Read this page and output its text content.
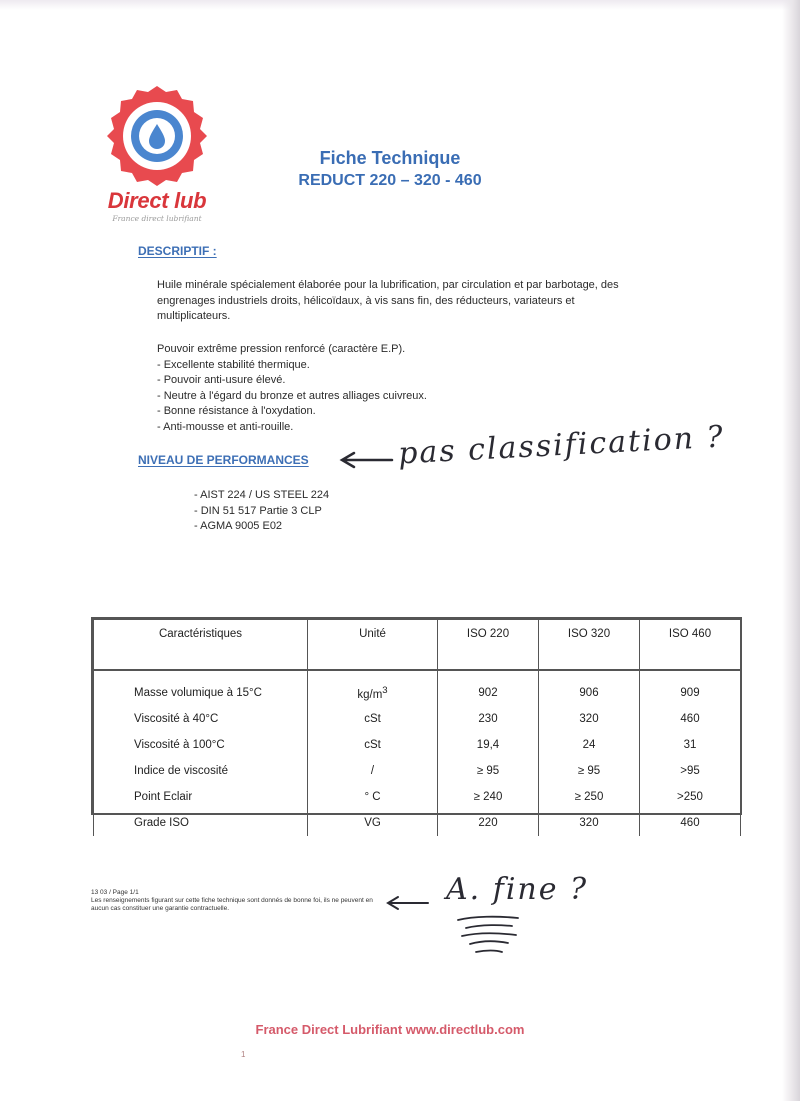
Direct lub
France direct lubrifiant
Fiche Technique
REDUCT 220 – 320 - 460
DESCRIPTIF :

Huile minérale spécialement élaborée pour la lubrification, par circulation et par barbotage, des engrenages industriels droits, hélicoïdaux, à vis sans fin, des réducteurs, variateurs et multiplicateurs.

Pouvoir extrême pression renforcé (caractère E.P).

- Excellente stabilité thermique.
- Pouvoir anti-usure élevé.
- Neutre à l'égard du bronze et autres alliages cuivreux.
- Bonne résistance à l'oxydation.
- Anti-mousse et anti-rouille.
NIVEAU DE PERFORMANCES	pas classification ?
- AIST 224 / US STEEL 224
- DIN 51 517 Partie 3 CLP
- AGMA 9005 E02
Caractéristiques	Unité	ISO 220	ISO 320	ISO 460
Masse volumique à 15°C	$kg/m^3$	902	906	909
Viscosité à 40°C	cSt	230	320	460
Viscosité à 100°C	cSt	19,4	24	31
Indice de viscosité	/	≥ 95	≥ 95	>95
Point Eclair	° C	≥ 240	≥ 250	>250
Grade ISO	VG	220	320	460
13 03 / Page 1/1
Les renseignements figurant sur cette fiche technique sont donnés de bonne foi, ils ne peuvent en aucun cas constituer une garantie contractuelle.
A. fine ?
France Direct Lubrifiant www.directlub.com
1
